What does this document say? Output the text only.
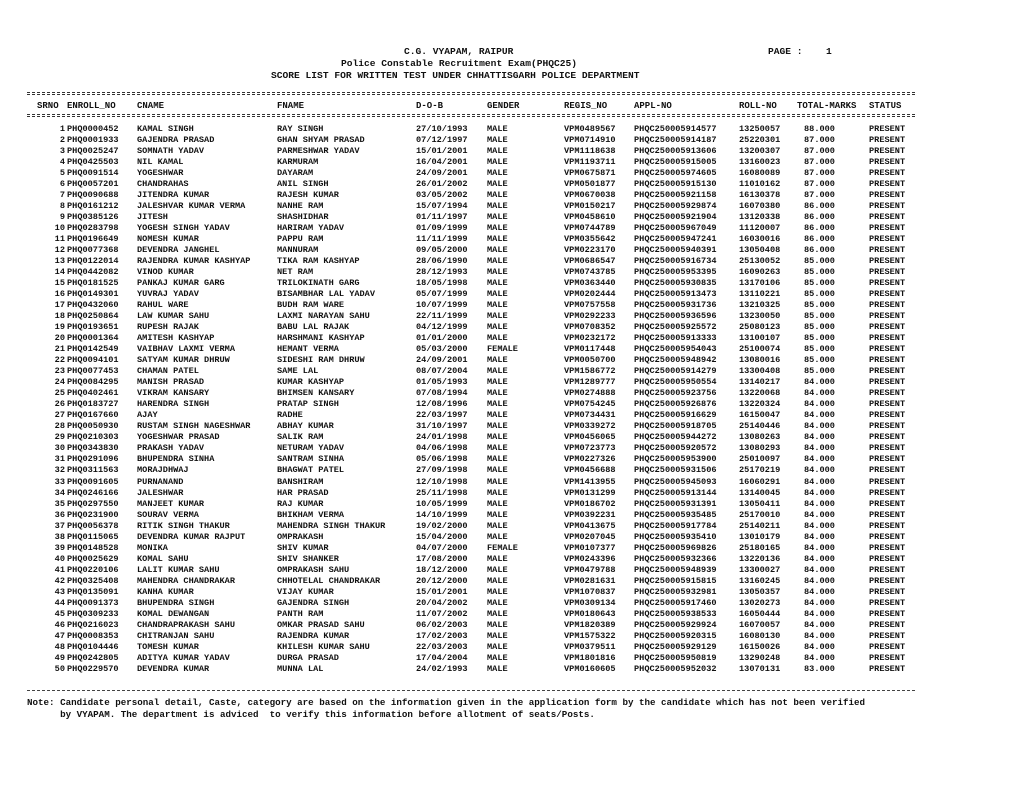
C.G. VYAPAM, RAIPUR
Police Constable Recruitment Exam(PHQC25)
SCORE LIST FOR WRITTEN TEST UNDER CHHATTISGARH POLICE DEPARTMENT
PAGE : 1
SRNO ENROLL_NO CNAME	FNAME	D-O-B	GENDER	REGIS_NO	APPL-NO	ROLL-NO TOTAL-MARKS STATUS
1 PHQ0000452 KAMAL SINGH	RAY SINGH	27/10/1993 MALE	VPM0489567 PHQC250005914577	13250057	88.000	PRESENT
2 PHQ0001933 GAJENDRA PRASAD	GHAN SHYAM PRASAD	07/12/1997 MALE	VPM0714910 PHQC250005914187	25220301	87.000	PRESENT
3 PHQ0025247 SOMNATH YADAV	PARMESHWAR YADAV	15/01/2001 MALE	VPM1118638 PHQC250005913606	13200307	87.000	PRESENT
4 PHQ0425503 NIL KAMAL	KARMURAM	16/04/2001 MALE	VPM1193711 PHQC250005915005	13160023	87.000	PRESENT
5 PHQ0091514 YOGESHWAR	DAYARAM	24/09/2001 MALE	VPM0675871 PHQC250005974605	16080089	87.000	PRESENT
6 PHQ0057201 CHANDRAHAS	ANIL SINGH	26/01/2002 MALE	VPM0501877 PHQC250005915130	11010162	87.000	PRESENT
7 PHQ0090688 JITENDRA KUMAR	RAJESH KUMAR	03/05/2002 MALE	VPM0670038 PHQC250005921158	16130378	87.000	PRESENT
8 PHQ0161212 JALESHVAR KUMAR VERMA	NANHE RAM	15/07/1994 MALE	VPM0150217 PHQC250005929874	16070380	86.000	PRESENT
9 PHQ0385126 JITESH	SHASHIDHAR	01/11/1997 MALE	VPM0458610 PHQC250005921904	13120338	86.000	PRESENT
10 PHQ0283798 YOGESH SINGH YADAV	HARIRAM YADAV	01/09/1999 MALE	VPM0744789 PHQC250005967049	11120007	86.000	PRESENT
11 PHQ0196649 NOMESH KUMAR	PAPPU RAM	11/11/1999 MALE	VPM0355642 PHQC250005947241	16030016	86.000	PRESENT
12 PHQ0077368 DEVENDRA JANGHEL	MANNURAM	09/05/2000 MALE	VPM0223170 PHQC250005940391	13050408	86.000	PRESENT
13 PHQ0122014 RAJENDRA KUMAR KASHYAP	TIKA RAM KASHYAP	28/06/1990 MALE	VPM0686547 PHQC250005916734	25130052	85.000	PRESENT
14 PHQ0442082 VINOD KUMAR	NET RAM	28/12/1993 MALE	VPM0743785 PHQC250005953395	16090263	85.000	PRESENT
15 PHQ0181525 PANKAJ KUMAR GARG	TRILOKINATH GARG	18/05/1998 MALE	VPM0363440 PHQC250005930835	13170106	85.000	PRESENT
16 PHQ0149301 YUVRAJ YADAV	BISAMBHAR LAL YADAV	05/07/1999 MALE	VPM0202444 PHQC250005913473	13110221	85.000	PRESENT
17 PHQ0432060 RAHUL WARE	BUDH RAM WARE	10/07/1999 MALE	VPM0757558 PHQC250005931736	13210325	85.000	PRESENT
18 PHQ0250864 LAW KUMAR SAHU	LAXMI NARAYAN SAHU	22/11/1999 MALE	VPM0292233 PHQC250005936596	13230050	85.000	PRESENT
19 PHQ0193651 RUPESH RAJAK	BABU LAL RAJAK	04/12/1999 MALE	VPM0708352 PHQC250005925572	25080123	85.000	PRESENT
20 PHQ0001364 AMITESH KASHYAP	HARSHMANI KASHYAP	01/01/2000 MALE	VPM0232172 PHQC250005913333	13100107	85.000	PRESENT
21 PHQ0142549 VAIBHAV LAXMI VERMA	HEMANT VERMA	05/03/2000 FEMALE	VPM0117448 PHQC250005954043	25100074	85.000	PRESENT
22 PHQ0094101 SATYAM KUMAR DHRUW	SIDESHI RAM DHRUW	24/09/2001 MALE	VPM0050700 PHQC250005948942	13080016	85.000	PRESENT
23 PHQ0077453 CHAMAN PATEL	SAME LAL	08/07/2004 MALE	VPM1586772 PHQC250005914279	13300408	85.000	PRESENT
24 PHQ0084295 MANISH PRASAD	KUMAR KASHYAP	01/05/1993 MALE	VPM1289777 PHQC250005950554	13140217	84.000	PRESENT
25 PHQ0402461 VIKRAM KANSARY	BHIMSEN KANSARY	07/08/1994 MALE	VPM0274888 PHQC250005923756	13220068	84.000	PRESENT
26 PHQ0183727 HARENDRA SINGH	PRATAP SINGH	12/08/1996 MALE	VPM0754245 PHQC250005926876	13220324	84.000	PRESENT
27 PHQ0167660 AJAY	RADHE	22/03/1997 MALE	VPM0734431 PHQC250005916629	16150047	84.000	PRESENT
28 PHQ0050930 RUSTAM SINGH NAGESHWAR	ABHAY KUMAR	31/10/1997 MALE	VPM0339272 PHQC250005918705	25140446	84.000	PRESENT
29 PHQ0210303 YOGESHWAR PRASAD	SALIK RAM	24/01/1998 MALE	VPM0456065 PHQC250005944272	13080263	84.000	PRESENT
30 PHQ0343830 PRAKASH YADAV	NETURAM YADAV	04/06/1998 MALE	VPM0723773 PHQC250005920572	13080293	84.000	PRESENT
31 PHQ0291096 BHUPENDRA SINHA	SANTRAM SINHA	05/06/1998 MALE	VPM0227326 PHQC250005953900	25010097	84.000	PRESENT
32 PHQ0311563 MORAJDHWAJ	BHAGWAT PATEL	27/09/1998 MALE	VPM0456688 PHQC250005931506	25170219	84.000	PRESENT
33 PHQ0091605 PURNANAND	BANSHIRAM	12/10/1998 MALE	VPM1413955 PHQC250005945093	16060291	84.000	PRESENT
34 PHQ0246166 JALESHWAR	HAR PRASAD	25/11/1998 MALE	VPM0131299 PHQC250005913144	13140045	84.000	PRESENT
35 PHQ0297550 MANJEET KUMAR	RAJ KUMAR	10/05/1999 MALE	VPM0186702 PHQC250005931391	13050411	84.000	PRESENT
36 PHQ0231900 SOURAV VERMA	BHIKHAM VERMA	14/10/1999 MALE	VPM0392231 PHQC250005935485	25170010	84.000	PRESENT
37 PHQ0056378 RITIK SINGH THAKUR	MAHENDRA SINGH THAKUR	19/02/2000 MALE	VPM0413675 PHQC250005917784	25140211	84.000	PRESENT
38 PHQ0115065 DEVENDRA KUMAR RAJPUT	OMPRAKASH	15/04/2000 MALE	VPM0207045 PHQC250005935410	13010179	84.000	PRESENT
39 PHQ0148528 MONIKA	SHIV KUMAR	04/07/2000 FEMALE	VPM0107377 PHQC250005969826	25180165	84.000	PRESENT
40 PHQ0025629 KOMAL SAHU	SHIV SHANKER	17/08/2000 MALE	VPM0243396 PHQC250005932366	13220136	84.000	PRESENT
41 PHQ0220106 LALIT KUMAR SAHU	OMPRAKASH SAHU	18/12/2000 MALE	VPM0479788 PHQC250005948939	13300027	84.000	PRESENT
42 PHQ0325408 MAHENDRA CHANDRAKAR	CHHOTELAL CHANDRAKAR	20/12/2000 MALE	VPM0281631 PHQC250005915815	13160245	84.000	PRESENT
43 PHQ0135091 KANHA KUMAR	VIJAY KUMAR	15/01/2001 MALE	VPM1070837 PHQC250005932981	13050357	84.000	PRESENT
44 PHQ0091373 BHUPENDRA SINGH	GAJENDRA SINGH	20/04/2002 MALE	VPM0309134 PHQC250005917460	13020273	84.000	PRESENT
45 PHQ0309233 KOMAL DEWANGAN	PANTH RAM	11/07/2002 MALE	VPM0180643 PHQC250005938533	16050444	84.000	PRESENT
46 PHQ0216023 CHANDRAPRAKASH SAHU	OMKAR PRASAD SAHU	06/02/2003 MALE	VPM1820389 PHQC250005929924	16070057	84.000	PRESENT
47 PHQ0008353 CHITRANJAN SAHU	RAJENDRA KUMAR	17/02/2003 MALE	VPM1575322 PHQC250005920315	16080130	84.000	PRESENT
48 PHQ0104446 TOMESH KUMAR	KHILESH KUMAR SAHU	22/03/2003 MALE	VPM0379511 PHQC250005929129	16150026	84.000	PRESENT
49 PHQ0242805 ADITYA KUMAR YADAV	DURGA PRASAD	17/04/2004 MALE	VPM1801816 PHQC250005950819	13290248	84.000	PRESENT
50 PHQ0229570 DEVENDRA KUMAR	MUNNA LAL	24/02/1993 MALE	VPM0160605 PHQC250005952032	13070131	83.000	PRESENT
Note: Candidate personal detail, Caste, category are based on the information given in the application form by the candidate which has not been verified
by VYAPAM. The department is adviced  to verify this information before allotment of seats/Posts.
